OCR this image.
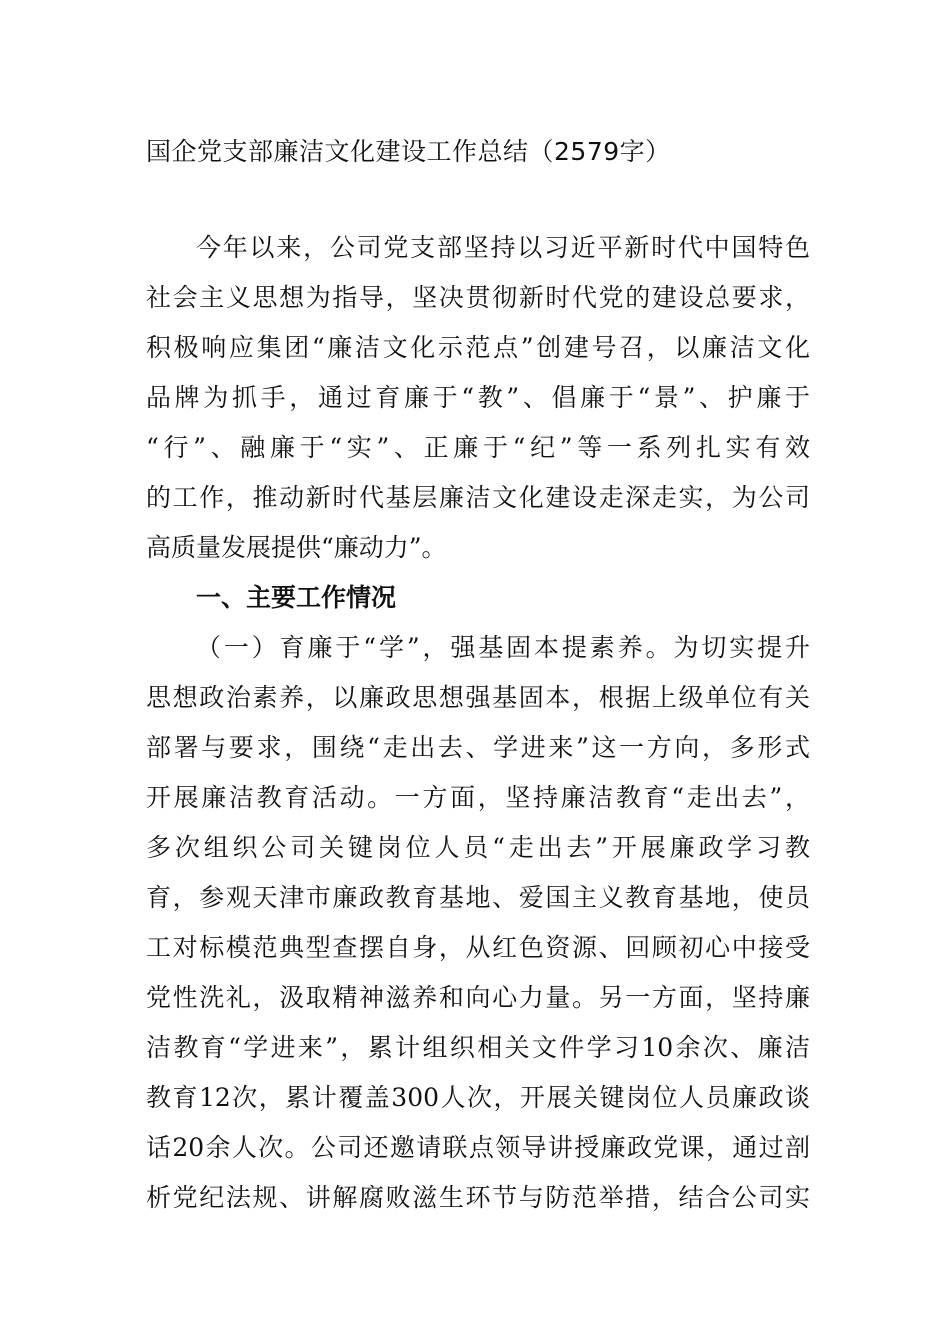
国企党支部廉洁文化建设工作总结（2579字）
今年以来，公司党支部坚持以习近平新时代中国特色
社会主义思想为指导，坚决贯彻新时代党的建设总要求，
积极响应集团“廉洁文化示范点”创建号召，以廉洁文化
品牌为抓手，通过育廉于“教”、倡廉于“景”、护廉于
“行”、融廉于“实”、正廉于“纪”等一系列扎实有效
的工作，推动新时代基层廉洁文化建设走深走实，为公司
高质量发展提供“廉动力”。
一、主要工作情况
（一）育廉于“学”，强基固本提素养。为切实提升
思想政治素养，以廉政思想强基固本，根据上级单位有关
部署与要求，围绕“走出去、学进来”这一方向，多形式
开展廉洁教育活动。一方面，坚持廉洁教育“走出去”，
多次组织公司关键岗位人员“走出去”开展廉政学习教
育，参观天津市廉政教育基地、爱国主义教育基地，使员
工对标模范典型查摆自身，从红色资源、回顾初心中接受
党性洗礼，汲取精神滋养和向心力量。另一方面，坚持廉
洁教育“学进来”，累计组织相关文件学习10余次、廉洁
教育12次，累计覆盖300人次，开展关键岗位人员廉政谈
话20余人次。公司还邀请联点领导讲授廉政党课，通过剖
析党纪法规、讲解腐败滋生环节与防范举措，结合公司实
